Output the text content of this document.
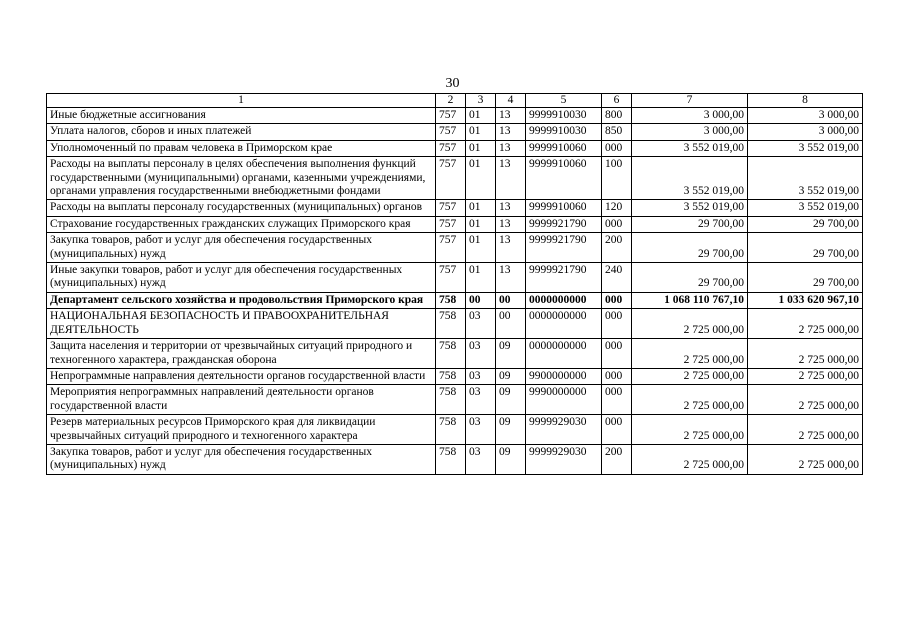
30
1	2	3	4	5	6	7	8
Иные бюджетные ассигнования	757	01	13	9999910030	800	3 000,00	3 000,00
Уплата налогов, сборов и иных платежей	757	01	13	9999910030	850	3 000,00	3 000,00
Уполномоченный по правам человека в Приморском крае	757	01	13	9999910060	000	3 552 019,00	3 552 019,00
Расходы на выплаты персоналу в целях обеспечения выполнения функций государственными (муниципальными) органами, казенными учреждениями, органами управления государственными внебюджетными фондами	757	01	13	9999910060	100	3 552 019,00	3 552 019,00
Расходы на выплаты персоналу государственных (муниципальных) органов	757	01	13	9999910060	120	3 552 019,00	3 552 019,00
Страхование государственных гражданских служащих Приморского края	757	01	13	9999921790	000	29 700,00	29 700,00
Закупка товаров, работ и услуг для обеспечения государственных (муниципальных) нужд	757	01	13	9999921790	200	29 700,00	29 700,00
Иные закупки товаров, работ и услуг для обеспечения государственных (муниципальных) нужд	757	01	13	9999921790	240	29 700,00	29 700,00
Департамент сельского хозяйства и продовольствия Приморского края	758	00	00	0000000000	000	1 068 110 767,10	1 033 620 967,10
НАЦИОНАЛЬНАЯ БЕЗОПАСНОСТЬ И ПРАВООХРАНИТЕЛЬНАЯ ДЕЯТЕЛЬНОСТЬ	758	03	00	0000000000	000	2 725 000,00	2 725 000,00
Защита населения и территории от чрезвычайных ситуаций природного и техногенного характера, гражданская оборона	758	03	09	0000000000	000	2 725 000,00	2 725 000,00
Непрограммные направления деятельности органов государственной власти	758	03	09	9900000000	000	2 725 000,00	2 725 000,00
Мероприятия непрограммных направлений деятельности органов государственной власти	758	03	09	9990000000	000	2 725 000,00	2 725 000,00
Резерв материальных ресурсов Приморского края для ликвидации чрезвычайных ситуаций природного и техногенного характера	758	03	09	9999929030	000	2 725 000,00	2 725 000,00
Закупка товаров, работ и услуг для обеспечения государственных (муниципальных) нужд	758	03	09	9999929030	200	2 725 000,00	2 725 000,00
